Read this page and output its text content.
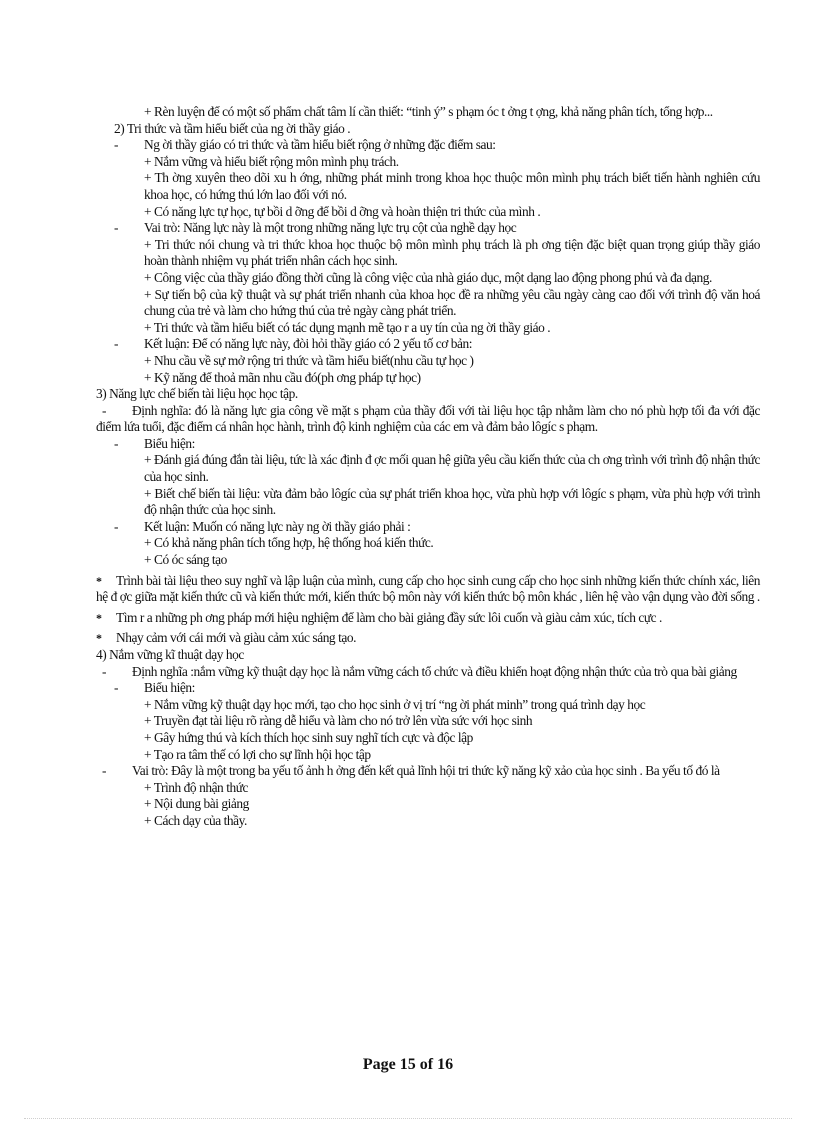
+ Rèn luyện để có một số phẩm chất tâm lí cần thiết: “tinh ý” s phạm óc t ởng t ợng, khả năng phân tích, tổng hợp...
2) Tri thức và tầm hiểu biết của ng ời thầy giáo .
- Ng ời thầy giáo có tri thức và tầm hiểu biết rộng ở những đặc điểm sau:
+ Nắm vững và hiểu biết rộng môn mình phụ trách.
+ Th ờng xuyên theo dõi xu h ớng, những phát minh trong khoa học thuộc môn mình phụ trách biết tiến hành nghiên cứu khoa học, có hứng thú lớn lao đối với nó.
+ Có năng lực tự học, tự bồi d ỡng để bồi d ỡng và hoàn thiện tri thức của mình .
- Vai trò: Năng lực này là một trong những năng lực trụ cột của nghề dạy học
+ Tri thức nói chung và tri thức khoa học thuộc bộ môn mình phụ trách là ph ơng tiện đặc biệt quan trọng giúp thầy giáo hoàn thành nhiệm vụ phát triển nhân cách học sinh.
+ Công việc của thầy giáo đồng thời cũng là công việc của nhà giáo dục, một dạng lao động phong phú và đa dạng.
+ Sự tiến bộ của kỹ thuật và sự phát triển nhanh của khoa học đề ra những yêu cầu ngày càng cao đối với trình độ văn hoá chung của trẻ và làm cho hứng thú của trẻ ngày càng phát triển.
+ Tri thức và tầm hiểu biết có tác dụng mạnh mẽ tạo r a uy tín của ng ời thầy giáo .
- Kết luận: Để có năng lực này, đòi hỏi thầy giáo có 2 yếu tố cơ bản:
+ Nhu cầu về sự mở rộng tri thức và tầm hiểu biết(nhu cầu tự học )
+ Kỹ năng để thoả mãn nhu cầu đó(ph ơng pháp tự học)
3) Năng lực chế biến tài liệu học học tập.
- Định nghĩa: đó là năng lực gia công về mặt s phạm của thầy đối với tài liệu học tập nhằm làm cho nó phù hợp tối đa với đặc điểm lứa tuổi, đặc điểm cá nhân học hành, trình độ kinh nghiệm của các em và đảm bảo lôgíc s phạm.
- Biểu hiện:
+ Đánh giá đúng đắn tài liệu, tức là xác định đ ợc mối quan hệ giữa yêu cầu kiến thức của ch ơng trình với trình độ nhận thức của học sinh.
+ Biết chế biến tài liệu: vừa đảm bảo lôgíc của sự phát triển khoa học, vừa phù hợp với lôgíc s phạm, vừa phù hợp với trình độ nhận thức của học sinh.
- Kết luận: Muốn có năng lực này ng ời thầy giáo phải :
+ Có khả năng phân tích tổng hợp, hệ thống hoá kiến thức.
+ Có óc sáng tạo
* Trình bài tài liệu theo suy nghĩ và lập luận của mình, cung cấp cho học sinh cung cấp cho học sinh những kiến thức chính xác, liên hệ đ ợc giữa mặt kiến thức cũ và kiến thức mới, kiến thức bộ môn này với kiến thức bộ môn khác , liên hệ vào vận dụng vào đời sống .
* Tìm r a những ph ơng pháp mới hiệu nghiệm để làm cho bài giảng đầy sức lôi cuốn và giàu cảm xúc, tích cực .
* Nhạy cảm với cái mới và giàu cảm xúc sáng tạo.
4) Nắm vững kĩ thuật dạy học
- Định nghĩa :nắm vững kỹ thuật dạy học là nắm vững cách tổ chức và điều khiển hoạt động nhận thức của trò qua bài giảng
- Biểu hiện:
+ Nắm vững kỹ thuật dạy học mới, tạo cho học sinh ở vị trí “ng ời phát minh” trong quá trình dạy học
+ Truyền đạt tài liệu rõ ràng dễ hiểu và làm cho nó trở lên vừa sức với học sinh
+ Gây hứng thú và kích thích học sinh suy nghĩ tích cực và độc lập
+ Tạo ra tâm thế có lợi cho sự lĩnh hội học tập
- Vai trò: Đây là một trong ba yếu tố ảnh h ởng đến kết quả lĩnh hội tri thức kỹ năng kỹ xảo của học sinh . Ba yếu tố đó là
+ Trình độ nhận thức
+ Nội dung bài giảng
+ Cách dạy của thầy.
Page 15 of 16
